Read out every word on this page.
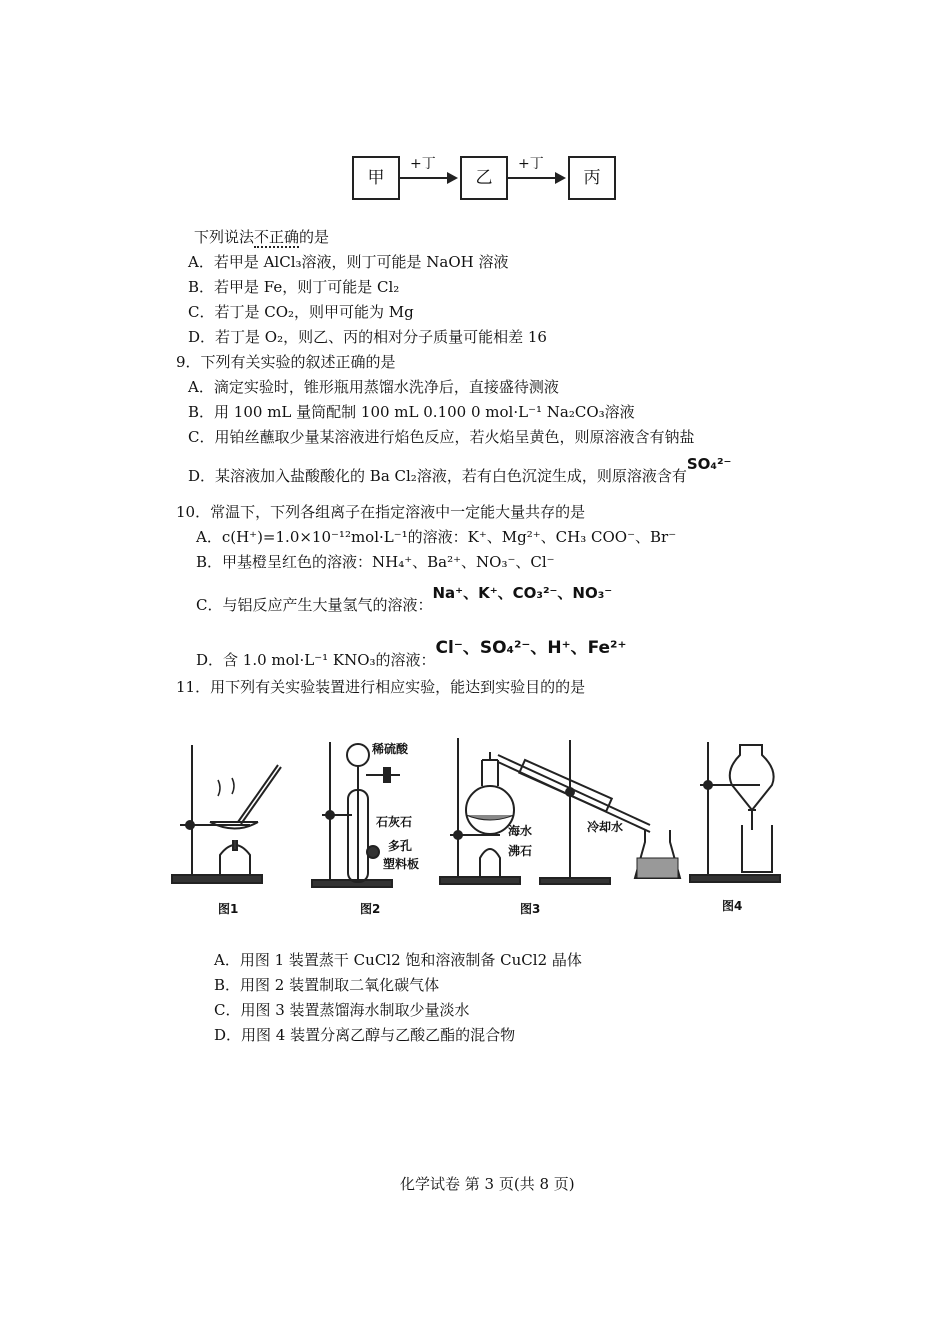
甲
+丁
乙
+丁
丙
下列说法不正确的是
A．若甲是 AlCl₃溶液，则丁可能是 NaOH 溶液
B．若甲是 Fe，则丁可能是 Cl₂
C．若丁是 CO₂，则甲可能为 Mg
D．若丁是 O₂，则乙、丙的相对分子质量可能相差 16
9．下列有关实验的叙述正确的是
A．滴定实验时，锥形瓶用蒸馏水洗净后，直接盛待测液
B．用 100 mL 量筒配制 100 mL 0.100 0 mol·L⁻¹ Na₂CO₃溶液
C．用铂丝蘸取少量某溶液进行焰色反应，若火焰呈黄色，则原溶液含有钠盐
D．某溶液加入盐酸酸化的 Ba Cl₂溶液，若有白色沉淀生成，则原溶液含有SO₄²⁻
10．常温下，下列各组离子在指定溶液中一定能大量共存的是
A．c(H⁺)=1.0×10⁻¹²mol·L⁻¹的溶液：K⁺、Mg²⁺、CH₃ COO⁻、Br⁻
B．甲基橙呈红色的溶液：NH₄⁺、Ba²⁺、NO₃⁻、Cl⁻
C．与铝反应产生大量氢气的溶液：Na⁺、K⁺、CO₃²⁻、NO₃⁻
D．含 1.0 mol·L⁻¹ KNO₃的溶液：Cl⁻、SO₄²⁻、H⁺、Fe²⁺
11．用下列有关实验装置进行相应实验，能达到实验目的的是
稀硫酸
石灰石
多孔
塑料板
海水
沸石
冷却水
图1	图2	图3	图4
A．用图 1 装置蒸干 CuCl2 饱和溶液制备 CuCl2 晶体
B．用图 2 装置制取二氧化碳气体
C．用图 3 装置蒸馏海水制取少量淡水
D．用图 4 装置分离乙醇与乙酸乙酯的混合物
化学试卷 第 3 页(共 8 页)
